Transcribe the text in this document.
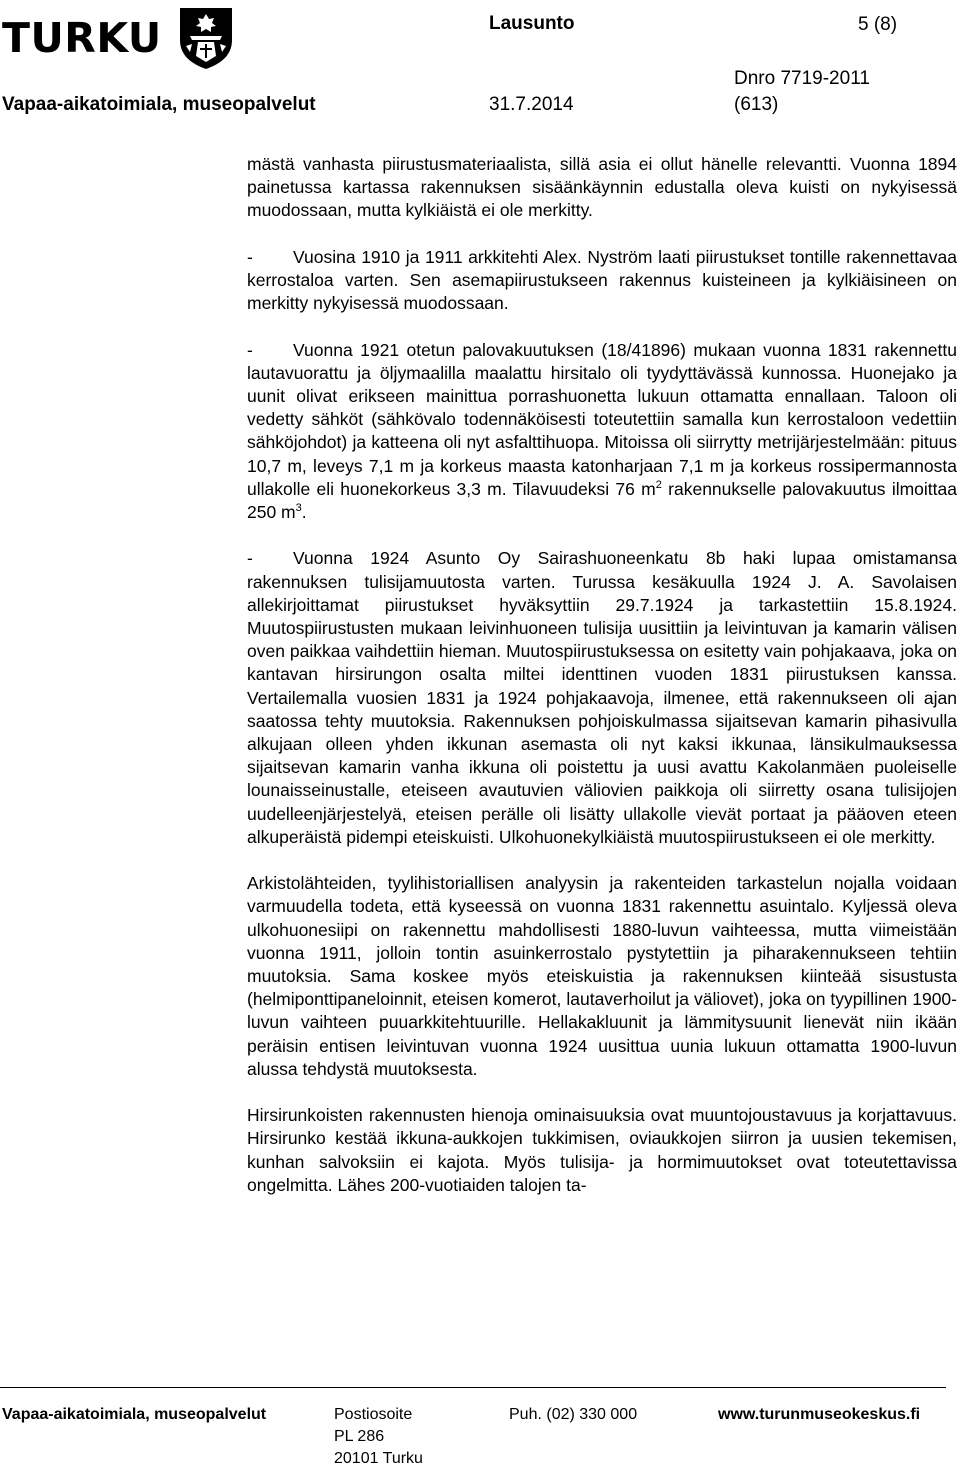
TURKU	Lausunto	5 (8)
Dnro 7719-2011
Vapaa-aikatoimiala, museopalvelut	31.7.2014	(613)

mästä vanhasta piirustusmateriaalista, sillä asia ei ollut hänelle relevantti. Vuonna 1894 painetussa kartassa rakennuksen sisäänkäynnin edustalla oleva kuisti on nykyisessä muodossaan, mutta kylkiäistä ei ole merkitty.

- Vuosina 1910 ja 1911 arkkitehti Alex. Nyström laati piirustukset tontille rakennettavaa kerrostaloa varten. Sen asemapiirustukseen rakennus kuisteineen ja kylkiäisineen on merkitty nykyisessä muodossaan.

- Vuonna 1921 otetun palovakuutuksen (18/41896) mukaan vuonna 1831 rakennettu lautavuorattu ja öljymaalilla maalattu hirsitalo oli tyydyttävässä kunnossa. Huonejako ja uunit olivat erikseen mainittua porrashuonetta lukuun ottamatta ennallaan. Taloon oli vedetty sähköt (sähkövalo todennäköisesti toteutettiin samalla kun kerrostaloon vedettiin sähköjohdot) ja katteena oli nyt asfalttihuopa. Mitoissa oli siirrytty metrijärjestelmään: pituus 10,7 m, leveys 7,1 m ja korkeus maasta katonharjaan 7,1 m ja korkeus rossipermannosta ullakolle eli huonekorkeus 3,3 m. Tilavuudeksi 76 $m^2$ rakennukselle palovakuutus ilmoittaa 250 $m^3$.

- Vuonna 1924 Asunto Oy Sairashuoneenkatu 8b haki lupaa omistamansa rakennuksen tulisijamuutosta varten. Turussa kesäkuulla 1924 J. A. Savolaisen allekirjoittamat piirustukset hyväksyttiin 29.7.1924 ja tarkastettiin 15.8.1924. Muutospiirustusten mukaan leivinhuoneen tulisija uusittiin ja leivintuvan ja kamarin välisen oven paikkaa vaihdettiin hieman. Muutospiirustuksessa on esitetty vain pohjakaava, joka on kantavan hirsirungon osalta miltei identtinen vuoden 1831 piirustuksen kanssa. Vertailemalla vuosien 1831 ja 1924 pohjakaavoja, ilmenee, että rakennukseen oli ajan saatossa tehty muutoksia. Rakennuksen pohjoiskulmassa sijaitsevan kamarin pihasivulla alkujaan olleen yhden ikkunan asemasta oli nyt kaksi ikkunaa, länsikulmauksessa sijaitsevan kamarin vanha ikkuna oli poistettu ja uusi avattu Kakolanmäen puoleiselle lounaisseinustalle, eteiseen avautuvien väliovien paikkoja oli siirretty osana tulisijojen uudelleenjärjestelyä, eteisen perälle oli lisätty ullakolle vievät portaat ja pääoven eteen alkuperäistä pidempi eteiskuisti. Ulkohuonekylkiäistä muutospiirustukseen ei ole merkitty.

Arkistolähteiden, tyylihistoriallisen analyysin ja rakenteiden tarkastelun nojalla voidaan varmuudella todeta, että kyseessä on vuonna 1831 rakennettu asuintalo. Kyljessä oleva ulkohuonesiipi on rakennettu mahdollisesti 1880-luvun vaihteessa, mutta viimeistään vuonna 1911, jolloin tontin asuinkerrostalo pystytettiin ja piharakennukseen tehtiin muutoksia. Sama koskee myös eteiskuistia ja rakennuksen kiinteää sisustusta (helmiponttipaneloinnit, eteisen komerot, lautaverhoilut ja väliovet), joka on tyypillinen 1900-luvun vaihteen puuarkkitehtuurille. Hellakakluunit ja lämmitysuunit lienevät niin ikään peräisin entisen leivintuvan vuonna 1924 uusittua uunia lukuun ottamatta 1900-luvun alussa tehdystä muutoksesta.

Hirsirunkoisten rakennusten hienoja ominaisuuksia ovat muuntojoustavuus ja korjattavuus. Hirsirunko kestää ikkuna-aukkojen tukkimisen, oviaukkojen siirron ja uusien tekemisen, kunhan salvoksiin ei kajota. Myös tulisija- ja hormimuutokset ovat toteutettavissa ongelmitta. Lähes 200-vuotiaiden talojen ta-

Vapaa-aikatoimiala, museopalvelut	Postiosoite
PL 286
20101 Turku
Puh. (02) 330 000	www.turunmuseokeskus.fi
